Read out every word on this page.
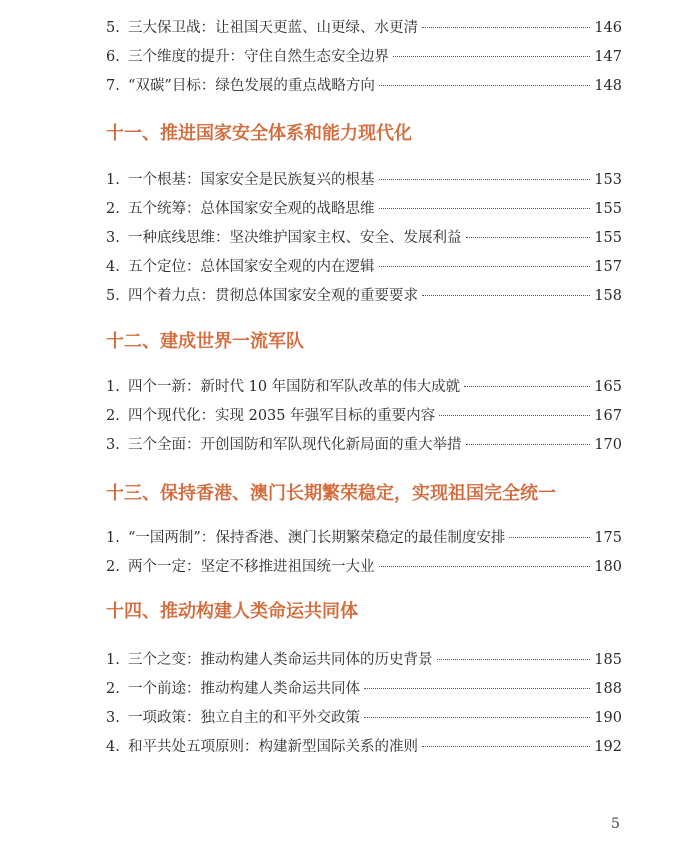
5. 三大保卫战：让祖国天更蓝、山更绿、水更清	146
6. 三个维度的提升：守住自然生态安全边界	147
7. “双碳”目标：绿色发展的重点战略方向	148
十一、推进国家安全体系和能力现代化
1. 一个根基：国家安全是民族复兴的根基	153
2. 五个统筹：总体国家安全观的战略思维	155
3. 一种底线思维：坚决维护国家主权、安全、发展利益	155
4. 五个定位：总体国家安全观的内在逻辑	157
5. 四个着力点：贯彻总体国家安全观的重要要求	158
十二、建成世界一流军队
1. 四个一新：新时代 10 年国防和军队改革的伟大成就	165
2. 四个现代化：实现 2035 年强军目标的重要内容	167
3. 三个全面：开创国防和军队现代化新局面的重大举措	170
十三、保持香港、澳门长期繁荣稳定，实现祖国完全统一
1. “一国两制”：保持香港、澳门长期繁荣稳定的最佳制度安排	175
2. 两个一定：坚定不移推进祖国统一大业	180
十四、推动构建人类命运共同体
1. 三个之变：推动构建人类命运共同体的历史背景	185
2. 一个前途：推动构建人类命运共同体	188
3. 一项政策：独立自主的和平外交政策	190
4. 和平共处五项原则：构建新型国际关系的准则	192
5
